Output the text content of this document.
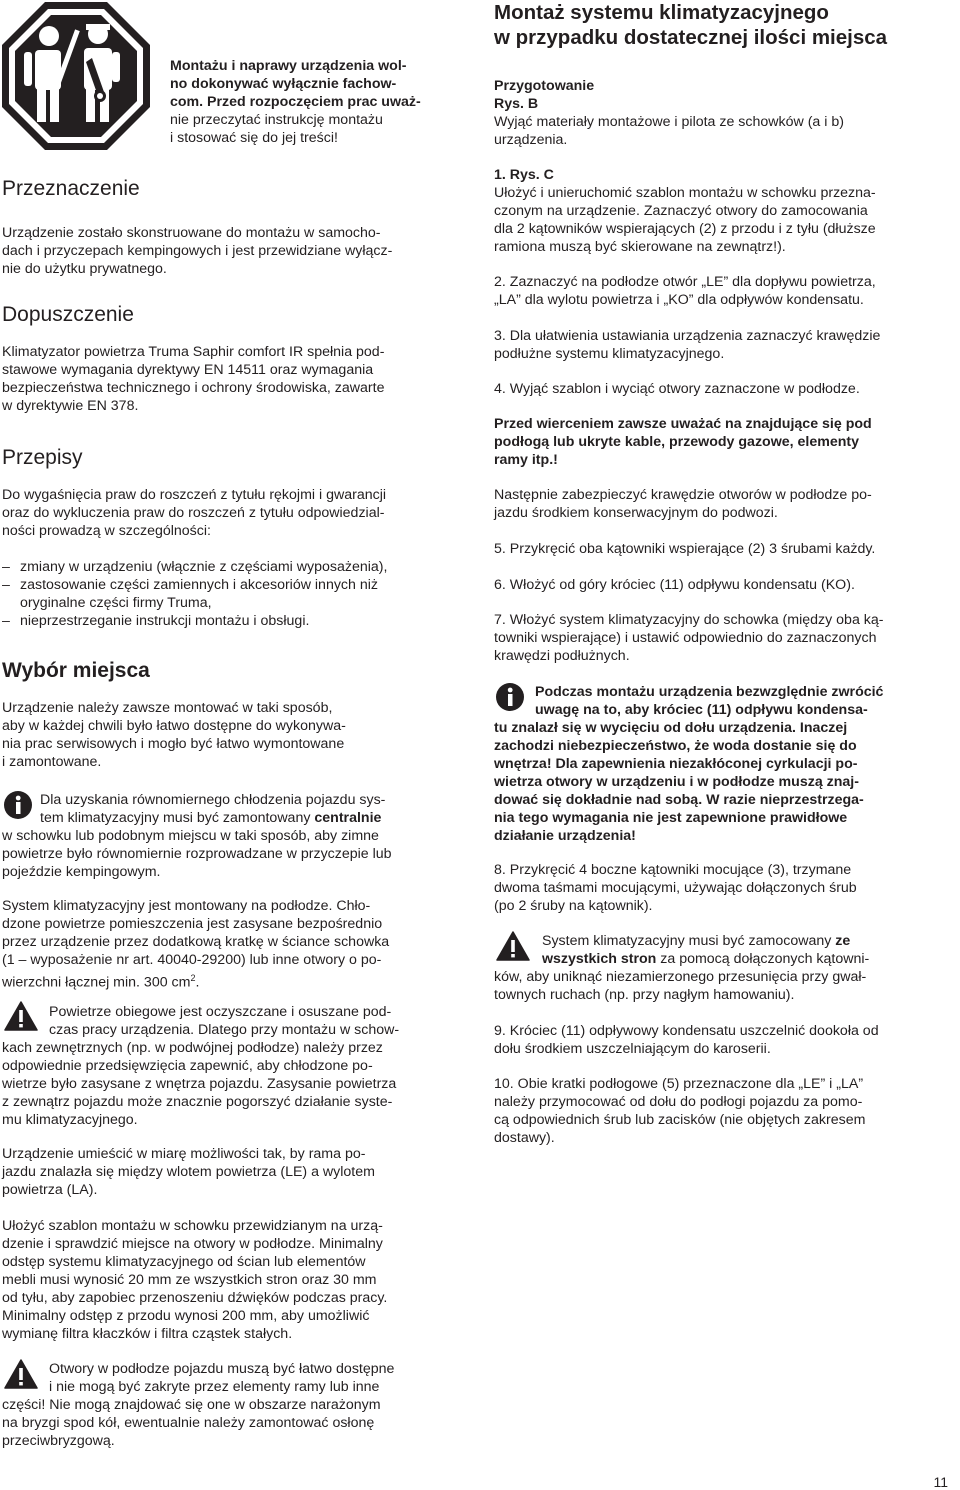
Montażu i naprawy urządzenia wol-

no dokonywać wyłącznie fachow-

com. Przed rozpoczęciem prac uważ-

nie przeczytać instrukcję montażu

i stosować się do jej treści!

Przeznaczenie

Urządzenie zostało skonstruowane do montażu w samocho-

dach i przyczepach kempingowych i jest przewidziane wyłącz-

nie do użytku prywatnego.

Dopuszczenie

Klimatyzator powietrza Truma Saphir comfort IR spełnia pod-

stawowe wymagania dyrektywy EN 14511 oraz wymagania

bezpieczeństwa technicznego i ochrony środowiska, zawarte

w dyrektywie EN 378.

Przepisy

Do wygaśnięcia praw do roszczeń z tytułu rękojmi i gwarancji

oraz do wykluczenia praw do roszczeń z tytułu odpowiedzial-

ności prowadzą w szczególności:

– zmiany w urządzeniu (włącznie z częściami wyposażenia),

– zastosowanie części zamiennych i akcesoriów innych niż

oryginalne części firmy Truma,

– nieprzestrzeganie instrukcji montażu i obsługi.

Wybór miejsca

Urządzenie należy zawsze montować w taki sposób,

aby w każdej chwili było łatwo dostępne do wykonywa-

nia prac serwisowych i mogło być łatwo wymontowane

i zamontowane.

Dla uzyskania równomiernego chłodzenia pojazdu sys-

tem klimatyzacyjny musi być zamontowany centralnie

w schowku lub podobnym miejscu w taki sposób, aby zimne

powietrze było równomiernie rozprowadzane w przyczepie lub

pojeździe kempingowym.

System klimatyzacyjny jest montowany na podłodze. Chło-

dzone powietrze pomieszczenia jest zasysane bezpośrednio

przez urządzenie przez dodatkową kratkę w ściance schowka

(1 – wyposażenie nr art. 40040-29200) lub inne otwory o po-

wierzchni łącznej min. 300 $cm^2$.

Powietrze obiegowe jest oczyszczane i osuszane pod-

czas pracy urządzenia. Dlatego przy montażu w schow-

kach zewnętrznych (np. w podwójnej podłodze) należy przez

odpowiednie przedsięwzięcia zapewnić, aby chłodzone po-

wietrze było zasysane z wnętrza pojazdu. Zasysanie powietrza

z zewnątrz pojazdu może znacznie pogorszyć działanie syste-

mu klimatyzacyjnego.

Urządzenie umieścić w miarę możliwości tak, by rama po-

jazdu znalazła się między wlotem powietrza (LE) a wylotem

powietrza (LA).

Ułożyć szablon montażu w schowku przewidzianym na urzą-

dzenie i sprawdzić miejsce na otwory w podłodze. Minimalny

odstęp systemu klimatyzacyjnego od ścian lub elementów

mebli musi wynosić 20 mm ze wszystkich stron oraz 30 mm

od tyłu, aby zapobiec przenoszeniu dźwięków podczas pracy.

Minimalny odstęp z przodu wynosi 200 mm, aby umożliwić

wymianę filtra kłaczków i filtra cząstek stałych.

Otwory w podłodze pojazdu muszą być łatwo dostępne

i nie mogą być zakryte przez elementy ramy lub inne

części! Nie mogą znajdować się one w obszarze narażonym

na bryzgi spod kół, ewentualnie należy zamontować osłonę

przeciwbryzgową.

Montaż systemu klimatyzacyjnego

w przypadku dostatecznej ilości miejsca

Przygotowanie

Rys. B

Wyjąć materiały montażowe i pilota ze schowków (a i b)

urządzenia.

1. Rys. C

Ułożyć i unieruchomić szablon montażu w schowku przezna-

czonym na urządzenie. Zaznaczyć otwory do zamocowania

dla 2 kątowników wspierających (2) z przodu i z tyłu (dłuższe

ramiona muszą być skierowane na zewnątrz!).

2. Zaznaczyć na podłodze otwór „LE” dla dopływu powietrza,

„LA” dla wylotu powietrza i „KO” dla odpływów kondensatu.

3. Dla ułatwienia ustawiania urządzenia zaznaczyć krawędzie

podłużne systemu klimatyzacyjnego.

4. Wyjąć szablon i wyciąć otwory zaznaczone w podłodze.

Przed wierceniem zawsze uważać na znajdujące się pod

podłogą lub ukryte kable, przewody gazowe, elementy

ramy itp.!

Następnie zabezpieczyć krawędzie otworów w podłodze po-

jazdu środkiem konserwacyjnym do podwozi.

5. Przykręcić oba kątowniki wspierające (2) 3 śrubami każdy.

6. Włożyć od góry króciec (11) odpływu kondensatu (KO).

7. Włożyć system klimatyzacyjny do schowka (między oba ką-

towniki wspierające) i ustawić odpowiednio do zaznaczonych

krawędzi podłużnych.

Podczas montażu urządzenia bezwzględnie zwrócić

uwagę na to, aby króciec (11) odpływu kondensa-

tu znalazł się w wycięciu od dołu urządzenia. Inaczej

zachodzi niebezpieczeństwo, że woda dostanie się do

wnętrza! Dla zapewnienia niezakłóconej cyrkulacji po-

wietrza otwory w urządzeniu i w podłodze muszą znaj-

dować się dokładnie nad sobą. W razie nieprzestrzega-

nia tego wymagania nie jest zapewnione prawidłowe

działanie urządzenia!

8. Przykręcić 4 boczne kątowniki mocujące (3), trzymane

dwoma taśmami mocującymi, używając dołączonych śrub

(po 2 śruby na kątownik).

System klimatyzacyjny musi być zamocowany ze

wszystkich stron za pomocą dołączonych kątowni-

ków, aby uniknąć niezamierzonego przesunięcia przy gwał-

townych ruchach (np. przy nagłym hamowaniu).

9. Króciec (11) odpływowy kondensatu uszczelnić dookoła od

dołu środkiem uszczelniającym do karoserii.

10. Obie kratki podłogowe (5) przeznaczone dla „LE” i „LA”

należy przymocować od dołu do podłogi pojazdu za pomo-

cą odpowiednich śrub lub zacisków (nie objętych zakresem

dostawy).

11
